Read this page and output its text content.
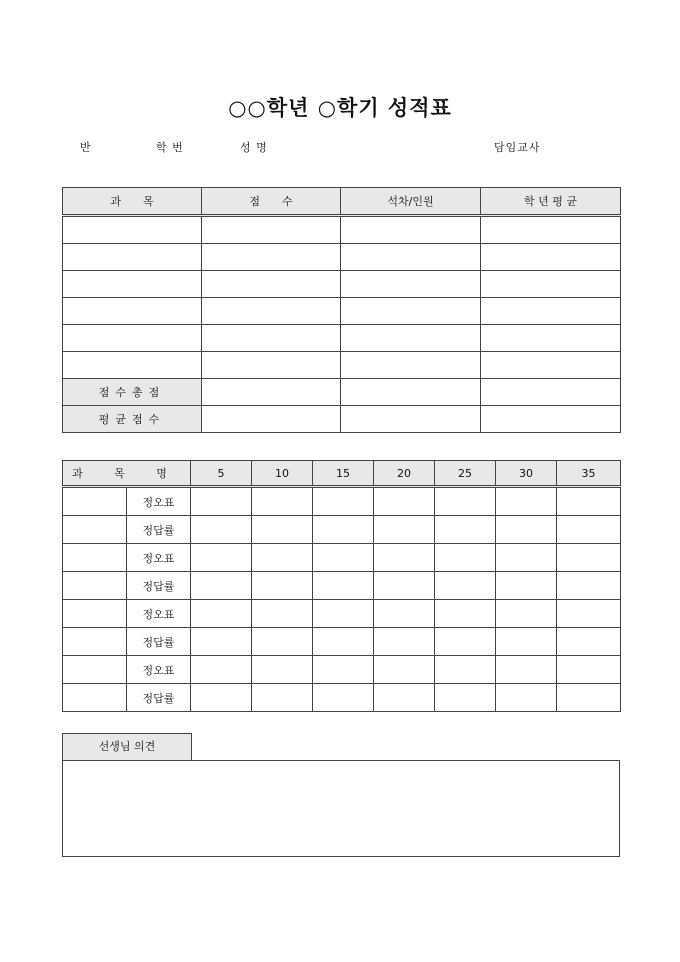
○○학년 ○학기 성적표
반	학 번	성 명	담임교사
과　　목	점　　수	석차/인원	학 년 평 균

점수총점			
평균점수			
과 목 명		5	10	15	20	25	30	35
	정오표							
	정답률							
	정오표							
	정답률							
	정오표							
	정답률							
	정오표							
	정답률							
선생님 의견
